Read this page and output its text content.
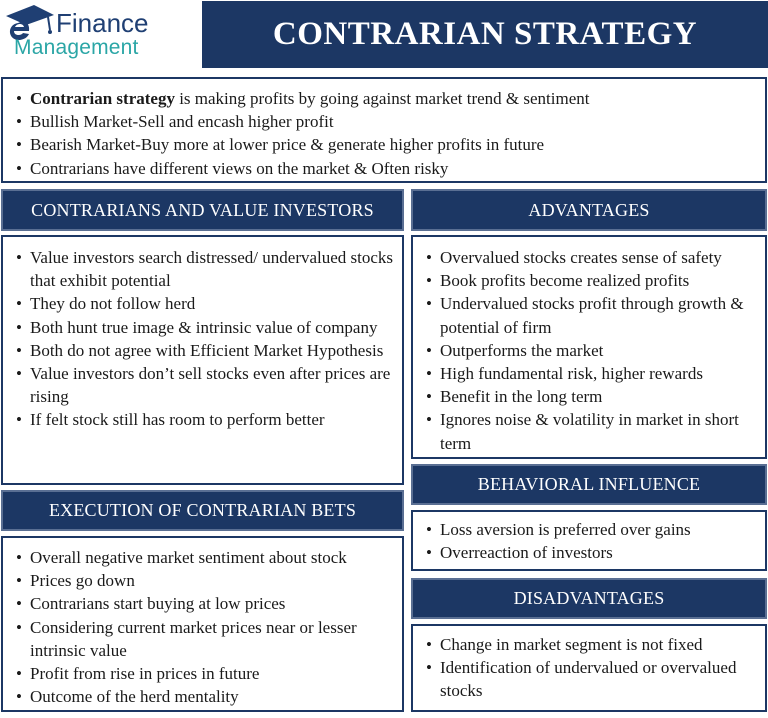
Finance
Management	CONTRARIAN STRATEGY
• Contrarian strategy is making profits by going against market trend & sentiment
• Bullish Market-Sell and encash higher profit
• Bearish Market-Buy more at lower price & generate higher profits in future
• Contrarians have different views on the market & Often risky
CONTRARIANS AND VALUE INVESTORS
• Value investors search distressed/ undervalued stocks that exhibit potential
• They do not follow herd
• Both hunt true image & intrinsic value of company
• Both do not agree with Efficient Market Hypothesis
• Value investors don’t sell stocks even after prices are rising
• If felt stock still has room to perform better
EXECUTION OF CONTRARIAN BETS
• Overall negative market sentiment about stock
• Prices go down
• Contrarians start buying at low prices
• Considering current market prices near or lesser intrinsic value
• Profit from rise in prices in future
• Outcome of the herd mentality
ADVANTAGES
• Overvalued stocks creates sense of safety
• Book profits become realized profits
• Undervalued stocks profit through growth & potential of firm
• Outperforms the market
• High fundamental risk, higher rewards
• Benefit in the long term
• Ignores noise & volatility in market in short term
BEHAVIORAL INFLUENCE
• Loss aversion is preferred over gains
• Overreaction of investors
DISADVANTAGES
• Change in market segment is not fixed
• Identification of undervalued or overvalued stocks
